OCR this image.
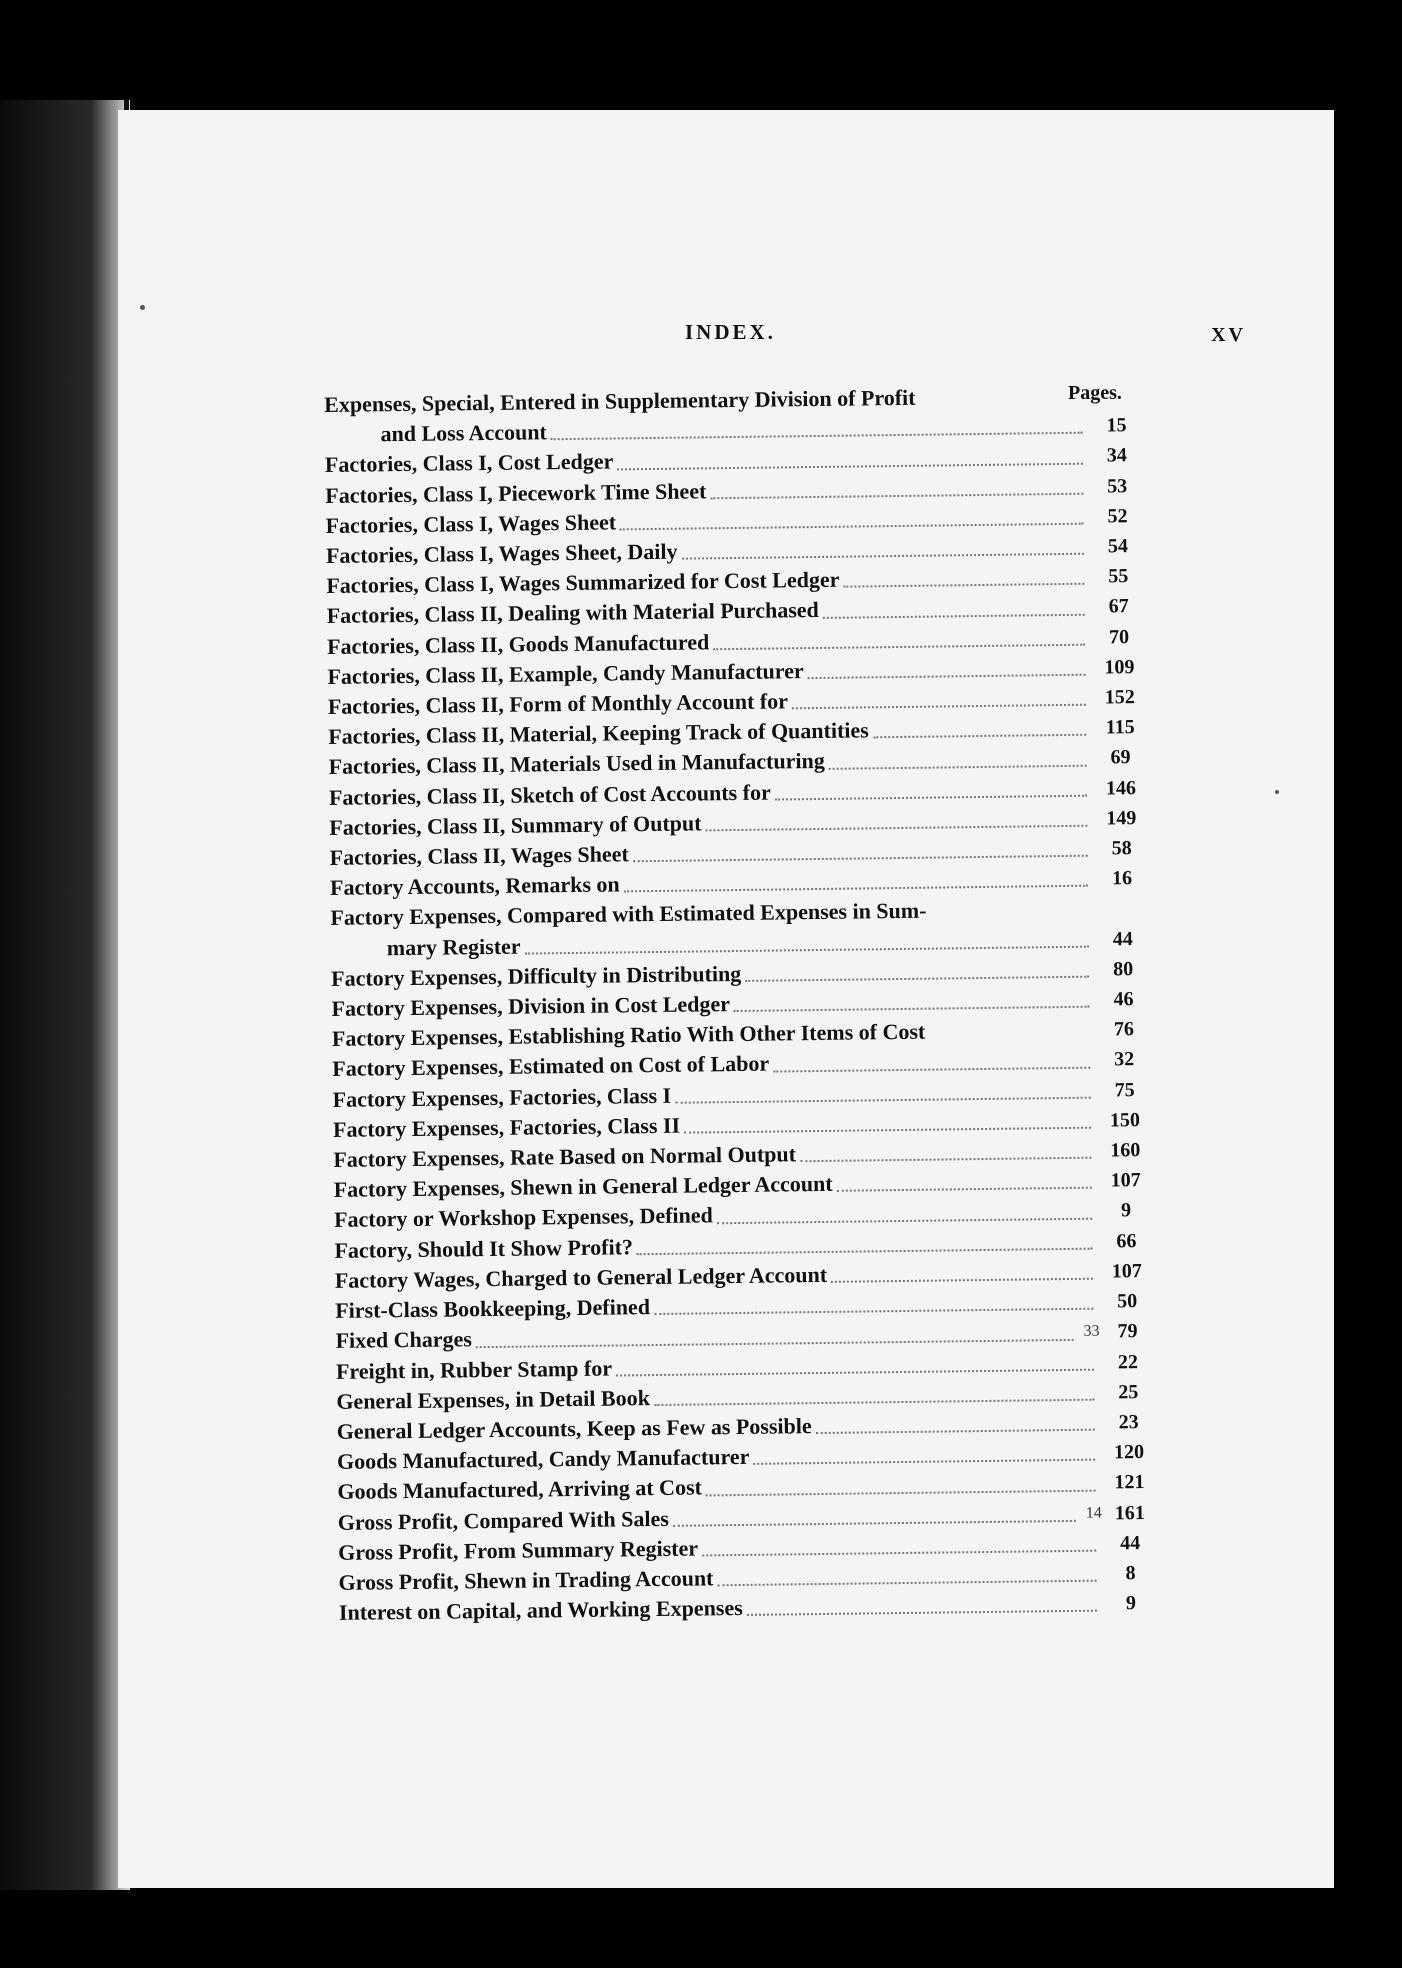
INDEX.	XV
Pages.
Expenses, Special, Entered in Supplementary Division of Profit
and Loss Account	15
Factories, Class I, Cost Ledger	34
Factories, Class I, Piecework Time Sheet	53
Factories, Class I, Wages Sheet	52
Factories, Class I, Wages Sheet, Daily	54
Factories, Class I, Wages Summarized for Cost Ledger	55
Factories, Class II, Dealing with Material Purchased	67
Factories, Class II, Goods Manufactured	70
Factories, Class II, Example, Candy Manufacturer	109
Factories, Class II, Form of Monthly Account for	152
Factories, Class II, Material, Keeping Track of Quantities	115
Factories, Class II, Materials Used in Manufacturing	69
Factories, Class II, Sketch of Cost Accounts for	146
Factories, Class II, Summary of Output	149
Factories, Class II, Wages Sheet	58
Factory Accounts, Remarks on	16
Factory Expenses, Compared with Estimated Expenses in Sum-
mary Register	44
Factory Expenses, Difficulty in Distributing	80
Factory Expenses, Division in Cost Ledger	46
Factory Expenses, Establishing Ratio With Other Items of Cost	76
Factory Expenses, Estimated on Cost of Labor	32
Factory Expenses, Factories, Class I	75
Factory Expenses, Factories, Class II	150
Factory Expenses, Rate Based on Normal Output	160
Factory Expenses, Shewn in General Ledger Account	107
Factory or Workshop Expenses, Defined	9
Factory, Should It Show Profit?	66
Factory Wages, Charged to General Ledger Account	107
First-Class Bookkeeping, Defined	50
Fixed Charges	33 79
Freight in, Rubber Stamp for	22
General Expenses, in Detail Book	25
General Ledger Accounts, Keep as Few as Possible	23
Goods Manufactured, Candy Manufacturer	120
Goods Manufactured, Arriving at Cost	121
Gross Profit, Compared With Sales	14 161
Gross Profit, From Summary Register	44
Gross Profit, Shewn in Trading Account	8
Interest on Capital, and Working Expenses	9
